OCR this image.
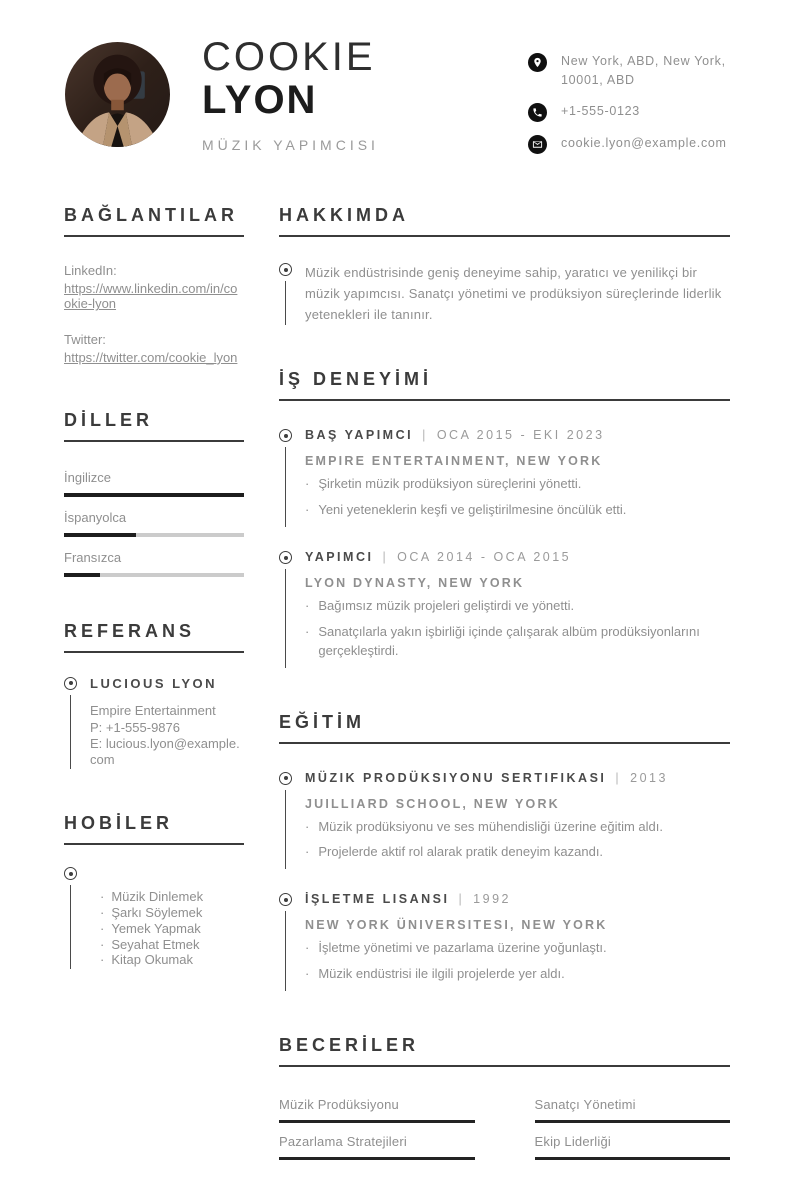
COOKIE
LYON
MÜZIK YAPIMCISI
New York, ABD, New York,
10001, ABD
+1-555-0123
cookie.lyon@example.com
BAĞLANTILAR
LinkedIn:
https://www.linkedin.com/in/cookie-lyon
Twitter:
https://twitter.com/cookie_lyon
DİLLER
İngilizce
İspanyolca
Fransızca
REFERANS
LUCIOUS LYON
Empire Entertainment
P: +1-555-9876
E: lucious.lyon@example.com
HOBİLER
· Müzik Dinlemek
· Şarkı Söylemek
· Yemek Yapmak
· Seyahat Etmek
· Kitap Okumak
HAKKIMDA

Müzik endüstrisinde geniş deneyime sahip, yaratıcı ve yenilikçi bir müzik yapımcısı. Sanatçı yönetimi ve prodüksiyon süreçlerinde liderlik yetenekleri ile tanınır.

İŞ DENEYİMİ
BAŞ YAPIMCI | OCA 2015 - EKI 2023
EMPIRE ENTERTAINMENT, NEW YORK
· Şirketin müzik prodüksiyon süreçlerini yönetti.
· Yeni yeteneklerin keşfi ve geliştirilmesine öncülük etti.
YAPIMCI | OCA 2014 - OCA 2015
LYON DYNASTY, NEW YORK
· Bağımsız müzik projeleri geliştirdi ve yönetti.
· Sanatçılarla yakın işbirliği içinde çalışarak albüm prodüksiyonlarını gerçekleştirdi.
EĞİTİM
MÜZIK PRODÜKSIYONU SERTIFIKASI | 2013
JUILLIARD SCHOOL, NEW YORK
· Müzik prodüksiyonu ve ses mühendisliği üzerine eğitim aldı.
· Projelerde aktif rol alarak pratik deneyim kazandı.
İŞLETME LISANSI | 1992
NEW YORK ÜNIVERSITESI, NEW YORK
· İşletme yönetimi ve pazarlama üzerine yoğunlaştı.
· Müzik endüstrisi ile ilgili projelerde yer aldı.
BECERİLER
Müzik Prodüksiyonu	Sanatçı Yönetimi
Pazarlama Stratejileri	Ekip Liderliği
